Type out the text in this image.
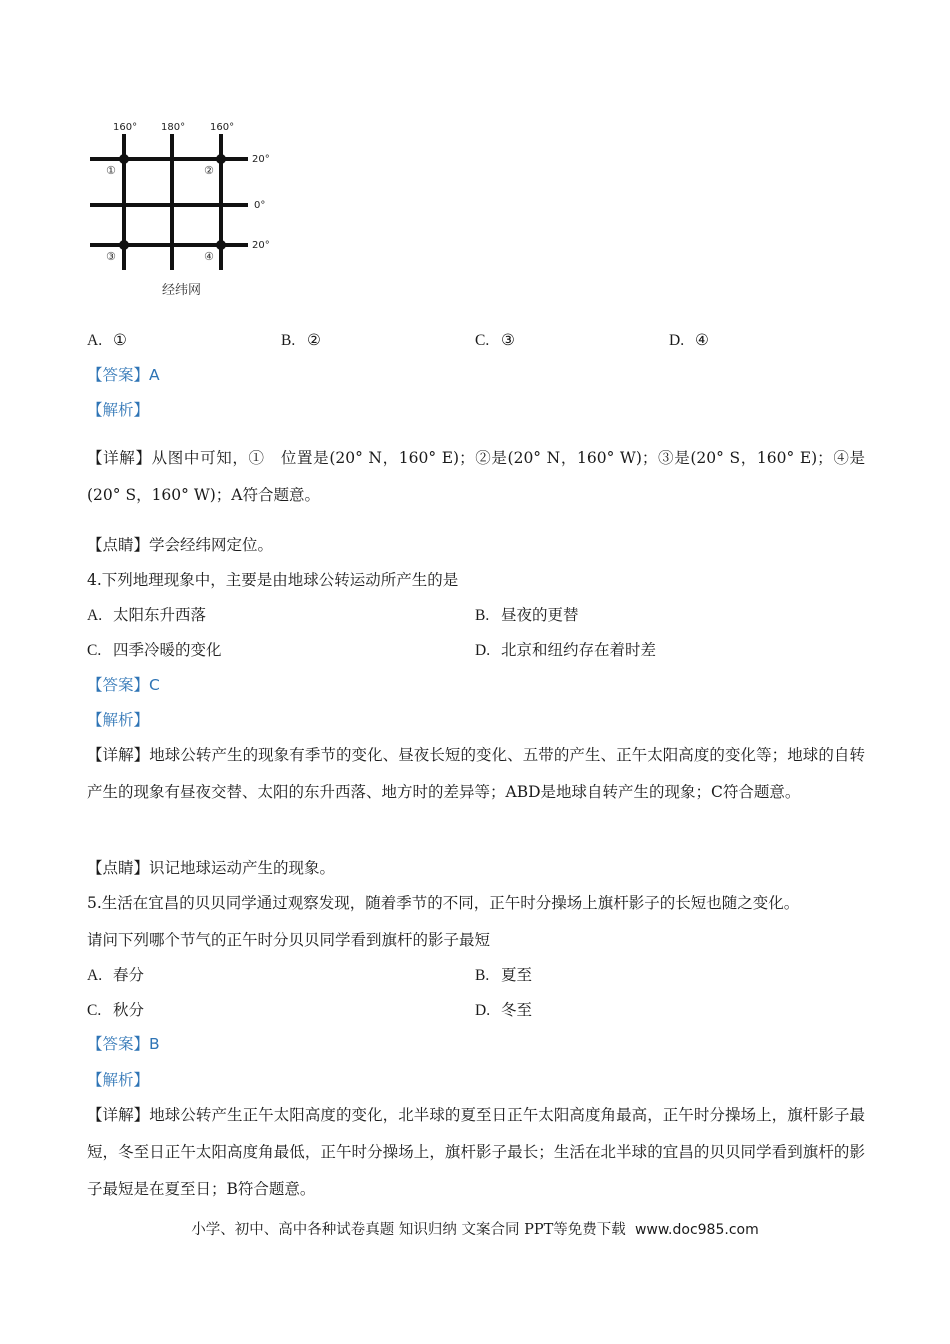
160° 180° 160°
20°
0°
20°
①	②
③	④
经纬网
A. ①	B. ②	C. ③	D. ④
【答案】A
【解析】
【详解】从图中可知，①　位置是(20° N，160° E)；②是(20° N，160° W)；③是(20° S，160° E)；④是(20° S，160° W)；A符合题意。
【点睛】学会经纬网定位。
4.下列地理现象中，主要是由地球公转运动所产生的是
A. 太阳东升西落	B. 昼夜的更替
C. 四季冷暖的变化	D. 北京和纽约存在着时差
【答案】C
【解析】
【详解】地球公转产生的现象有季节的变化、昼夜长短的变化、五带的产生、正午太阳高度的变化等；地球的自转产生的现象有昼夜交替、太阳的东升西落、地方时的差异等；ABD是地球自转产生的现象；C符合题意。
【点睛】识记地球运动产生的现象。
5.生活在宜昌的贝贝同学通过观察发现，随着季节的不同，正午时分操场上旗杆影子的长短也随之变化。
请问下列哪个节气的正午时分贝贝同学看到旗杆的影子最短
A. 春分	B. 夏至
C. 秋分	D. 冬至
【答案】B
【解析】
【详解】地球公转产生正午太阳高度的变化，北半球的夏至日正午太阳高度角最高，正午时分操场上，旗杆影子最短，冬至日正午太阳高度角最低，正午时分操场上，旗杆影子最长；生活在北半球的宜昌的贝贝同学看到旗杆的影子最短是在夏至日；B符合题意。
小学、初中、高中各种试卷真题 知识归纳 文案合同 PPT等免费下载 www.doc985.com
